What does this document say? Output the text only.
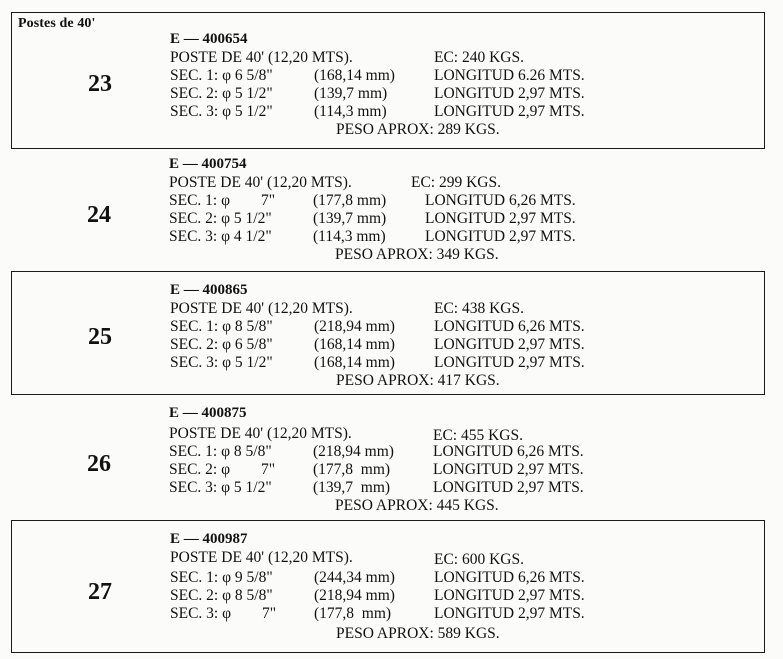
Postes de 40'
23
E — 400654
POSTE DE 40' (12,20 MTS).	EC: 240 KGS.
SEC. 1: φ 6 5/8"	(168,14 mm)	LONGITUD 6.26 MTS.
SEC. 2: φ 5 1/2"	(139,7 mm)	LONGITUD 2,97 MTS.
SEC. 3: φ 5 1/2"	(114,3 mm)	LONGITUD 2,97 MTS.
PESO APROX: 289 KGS.
24
E — 400754
POSTE DE 40' (12,20 MTS).	EC: 299 KGS.
SEC. 1: φ        7" (177,8 mm)	LONGITUD 6,26 MTS.
SEC. 2: φ 5 1/2"	(139,7 mm)	LONGITUD 2,97 MTS.
SEC. 3: φ 4 1/2"	(114,3 mm)	LONGITUD 2,97 MTS.
PESO APROX: 349 KGS.
25
E — 400865
POSTE DE 40' (12,20 MTS).	EC: 438 KGS.
SEC. 1: φ 8 5/8"	(218,94 mm)	LONGITUD 6,26 MTS.
SEC. 2: φ 6 5/8"	(168,14 mm)	LONGITUD 2,97 MTS.
SEC. 3: φ 5 1/2"	(168,14 mm)	LONGITUD 2,97 MTS.
PESO APROX: 417 KGS.
26
E — 400875
POSTE DE 40' (12,20 MTS).	EC: 455 KGS.
SEC. 1: φ 8 5/8"	(218,94 mm)	LONGITUD 6,26 MTS.
SEC. 2: φ        7" (177,8  mm)	LONGITUD 2,97 MTS.
SEC. 3: φ 5 1/2"	(139,7  mm)	LONGITUD 2,97 MTS.
PESO APROX: 445 KGS.
27
E — 400987
POSTE DE 40' (12,20 MTS).	EC: 600 KGS.
SEC. 1: φ 9 5/8"	(244,34 mm)	LONGITUD 6,26 MTS.
SEC. 2: φ 8 5/8"	(218,94 mm)	LONGITUD 2,97 MTS.
SEC. 3: φ        7" (177,8  mm)	LONGITUD 2,97 MTS.
PESO APROX: 589 KGS.
